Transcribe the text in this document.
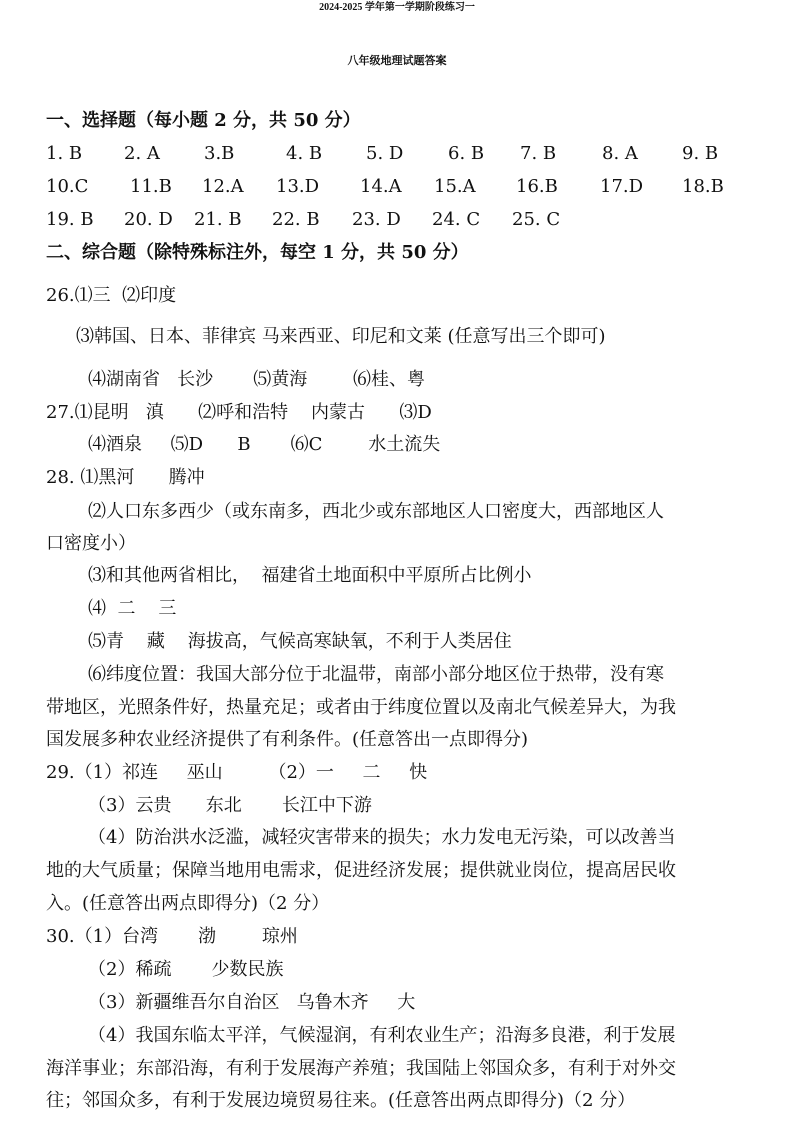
2024-2025 学年第一学期阶段练习一
八年级地理试题答案
一、选择题（每小题 2 分，共 50 分）
1. B	2. A	3.B	4. B	5. D	6. B	7. B	8. A	9. B
10.C	11.B	12.A	13.D	14.A	15.A	16.B	17.D	18.B
19. B	20. D	21. B	22. B	23. D	24. C	25. C
二、综合题（除特殊标注外，每空 1 分，共 50 分）
26.⑴三  ⑵印度
⑶韩国、日本、菲律宾 马来西亚、印尼和文莱 (任意写出三个即可)
⑷湖南省   长沙       ⑸黄海        ⑹桂、粤
27.⑴昆明   滇      ⑵呼和浩特    内蒙古      ⑶D
⑷酒泉     ⑸D      B       ⑹C        水土流失
28. ⑴黑河      腾冲
⑵人口东多西少（或东南多，西北少或东部地区人口密度大，西部地区人
口密度小）
⑶和其他两省相比，  福建省土地面积中平原所占比例小
⑷  二    三
⑸青    藏    海拔高，气候高寒缺氧，不利于人类居住
⑹纬度位置：我国大部分位于北温带，南部小部分地区位于热带，没有寒
带地区，光照条件好，热量充足；或者由于纬度位置以及南北气候差异大，为我
国发展多种农业经济提供了有利条件。(任意答出一点即得分)
29.（1）祁连     巫山        （2）一     二     快
（3）云贵      东北       长江中下游
（4）防治洪水泛滥，减轻灾害带来的损失；水力发电无污染，可以改善当
地的大气质量；保障当地用电需求，促进经济发展；提供就业岗位，提高居民收
入。(任意答出两点即得分)（2 分）
30.（1）台湾       渤        琼州
（2）稀疏       少数民族
（3）新疆维吾尔自治区   乌鲁木齐     大
（4）我国东临太平洋，气候湿润，有利农业生产；沿海多良港，利于发展
海洋事业；东部沿海，有利于发展海产养殖；我国陆上邻国众多，有利于对外交
往；邻国众多，有利于发展边境贸易往来。(任意答出两点即得分)（2 分）
